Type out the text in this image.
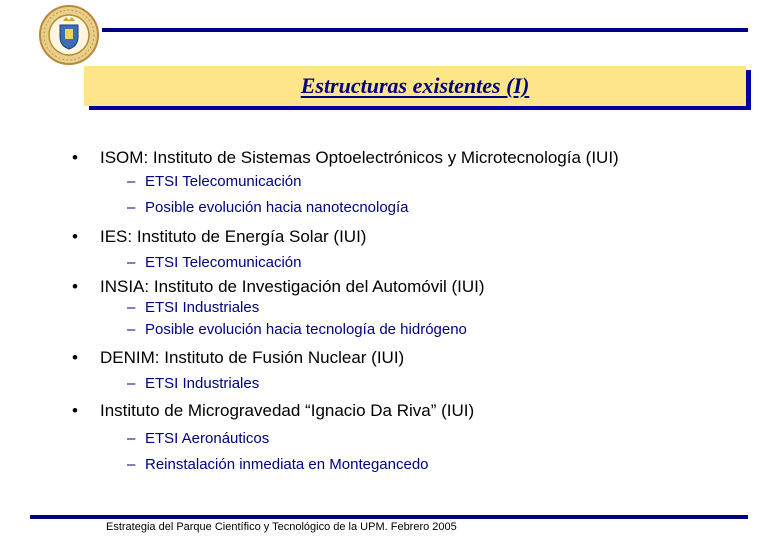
Estructuras existentes (I)
• ISOM: Instituto de Sistemas Optoelectrónicos y Microtecnología (IUI)
– ETSI Telecomunicación
– Posible evolución hacia nanotecnología
• IES: Instituto de Energía Solar (IUI)
– ETSI Telecomunicación
• INSIA: Instituto de Investigación del Automóvil (IUI)
– ETSI Industriales
– Posible evolución hacia tecnología de hidrógeno
• DENIM: Instituto de Fusión Nuclear (IUI)
– ETSI Industriales
• Instituto de Microgravedad “Ignacio Da Riva” (IUI)
– ETSI Aeronáuticos
– Reinstalación inmediata en Montegancedo
Estrategia del Parque Científico y Tecnológico de la UPM. Febrero 2005
